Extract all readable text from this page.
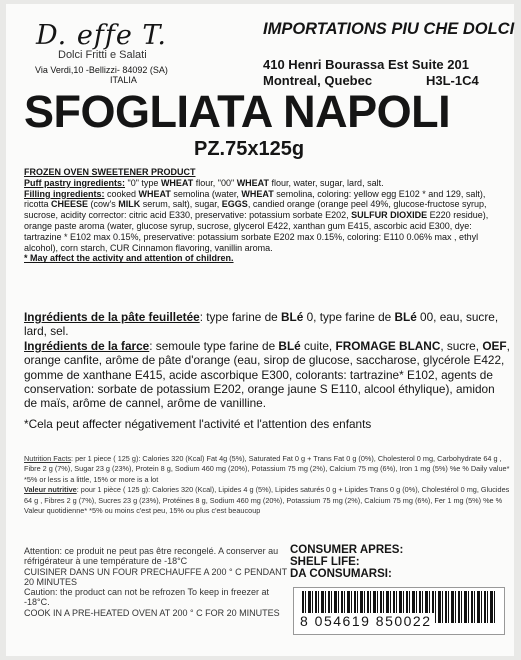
D. effe T.
Dolci Fritti e Salati
Via Verdi,10 -Bellizzi- 84092 (SA)
ITALIA
IMPORTATIONS PIU CHE DOLCI
410 Henri Bourassa Est Suite 201
Montreal, Quebec	H3L-1C4
SFOGLIATA NAPOLI
PZ.75x125g

FROZEN OVEN SWEETENER PRODUCT

Puff pastry ingredients: "0" type WHEAT flour, "00" WHEAT flour, water, sugar, lard, salt.

Filling ingredients: cooked WHEAT semolina (water, WHEAT semolina, coloring: yellow egg E102 * and 129, salt), ricotta CHEESE (cow's MILK serum, salt), sugar, EGGS, candied orange (orange peel 49%, glucose-fructose syrup, sucrose, acidity corrector: citric acid E330, preservative: potassium sorbate E202, SULFUR DIOXIDE E220 residue), orange paste aroma (water, glucose syrup, sucrose, glycerol E422, xanthan gum E415, ascorbic acid E300, dye: tartrazine * E102 max 0.15%, preservative: potassium sorbate E202 max 0.15%, coloring: E110 0.06% max , ethyl alcohol), corn starch, CUR Cinnamon flavoring, vanillin aroma.

* May affect the activity and attention of children.

Ingrédients de la pâte feuilletée: type farine de BLé 0, type farine de BLé 00, eau, sucre, lard, sel.

Ingrédients de la farce: semoule type farine de BLé cuite, FROMAGE BLANC, sucre, OEF, orange canfite, arôme de pâte d'orange (eau, sirop de glucose, saccharose, glycérole E422, gomme de xanthane E415, acide ascorbique E300, colorants: tartrazine* E102, agents de conservation: sorbate de potassium E202, orange jaune S E110, alcool éthylique), amidon de maïs, arôme de cannel, arôme de vanilline.

*Cela peut affecter négativement l'activité et l'attention des enfants

Nutrition Facts: per 1 piece ( 125 g): Calories 320 (Kcal) Fat 4g (5%), Saturated Fat 0 g + Trans Fat 0 g (0%), Cholesterol 0 mg, Carbohydrate 64 g , Fibre 2 g (7%), Sugar 23 g (23%), Protein 8 g, Sodium 460 mg (20%), Potassium 75 mg (2%), Calcium 75 mg (6%), Iron 1 mg (5%) %e % Daily value* *5% or less is a little, 15% or more is a lot

Valeur nutritive: pour 1 pièce ( 125 g): Calories 320 (Kcal), Lipides 4 g (5%), Lipides saturés 0 g + Lipides Trans 0 g (0%), Cholestérol 0 mg, Glucides 64 g , Fibres 2 g (7%), Sucres 23 g (23%), Protéines 8 g, Sodium 460 mg (20%), Potassium 75 mg (2%), Calcium 75 mg (6%), Fer 1 mg (5%) %e % Valeur quotidienne* *5% ou moins c'est peu, 15% ou plus c'est beaucoup

Attention: ce produit ne peut pas être recongelé. A conserver au réfrigérateur à une température de -18°C

CUISINER DANS UN FOUR PRECHAUFFE A 200 ° C PENDANT 20 MINUTES

Caution: the product can not be refrozen To keep in freezer at -18°C.

COOK IN A PRE-HEATED OVEN AT 200 ° C FOR 20 MINUTES

CONSUMER APRES:

SHELF LIFE:

DA CONSUMARSI:

8 054619 850022
